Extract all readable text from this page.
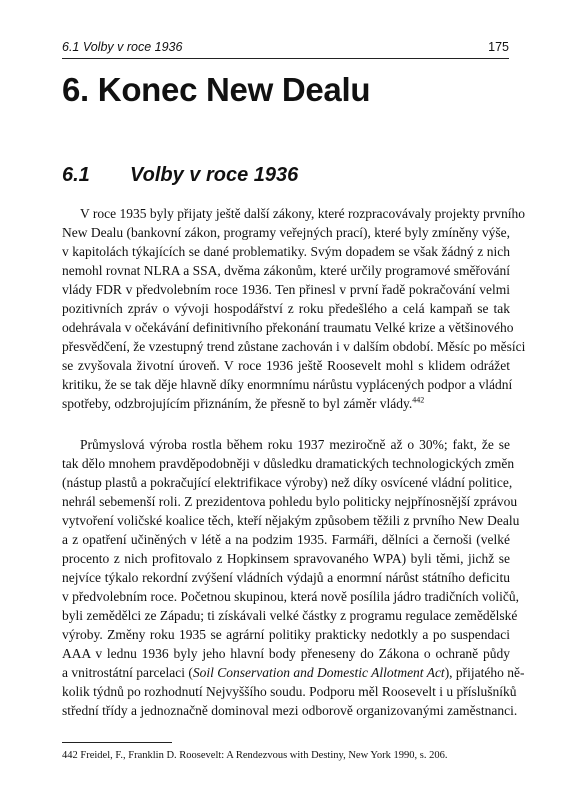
6.1 Volby v roce 1936	175
6. Konec New Dealu
6.1 Volby v roce 1936
V roce 1935 byly přijaty ještě další zákony, které rozpracovávaly projekty prvního
New Dealu (bankovní zákon, programy veřejných prací), které byly zmíněny výše,
v kapitolách týkajících se dané problematiky. Svým dopadem se však žádný z nich
nemohl rovnat NLRA a SSA, dvěma zákonům, které určily programové směřování
vlády FDR v předvolebním roce 1936. Ten přinesl v první řadě pokračování velmi
pozitivních zpráv o vývoji hospodářství z roku předešlého a celá kampaň se tak
odehrávala v očekávání definitivního překonání traumatu Velké krize a většinového
přesvědčení, že vzestupný trend zůstane zachován i v dalším období. Měsíc po měsíci
se zvyšovala životní úroveň. V roce 1936 ještě Roosevelt mohl s klidem odrážet
kritiku, že se tak děje hlavně díky enormnímu nárůstu vyplácených podpor a vládní
spotřeby, odzbrojujícím přiznáním, že přesně to byl záměr vlády.$^{442}$
Průmyslová výroba rostla během roku 1937 meziročně až o 30%; fakt, že se
tak dělo mnohem pravděpodobněji v důsledku dramatických technologických změn
(nástup plastů a pokračující elektrifikace výroby) než díky osvícené vládní politice,
nehrál sebemenší roli. Z prezidentova pohledu bylo politicky nejpřínosnější zprávou
vytvoření voličské koalice těch, kteří nějakým způsobem těžili z prvního New Dealu
a z opatření učiněných v létě a na podzim 1935. Farmáři, dělníci a černoši (velké
procento z nich profitovalo z Hopkinsem spravovaného WPA) byli těmi, jichž se
nejvíce týkalo rekordní zvýšení vládních výdajů a enormní nárůst státního deficitu
v předvolebním roce. Početnou skupinou, která nově posílila jádro tradičních voličů,
byli zemědělci ze Západu; ti získávali velké částky z programu regulace zemědělské
výroby. Změny roku 1935 se agrární politiky prakticky nedotkly a po suspendaci
AAA v lednu 1936 byly jeho hlavní body přeneseny do Zákona o ochraně půdy
a vnitrostátní parcelaci (Soil Conservation and Domestic Allotment Act), přijatého ně-
kolik týdnů po rozhodnutí Nejvyššího soudu. Podporu měl Roosevelt i u příslušníků
střední třídy a jednoznačně dominoval mezi odborově organizovanými zaměstnanci.
442 Freidel, F., Franklin D. Roosevelt: A Rendezvous with Destiny, New York 1990, s. 206.
